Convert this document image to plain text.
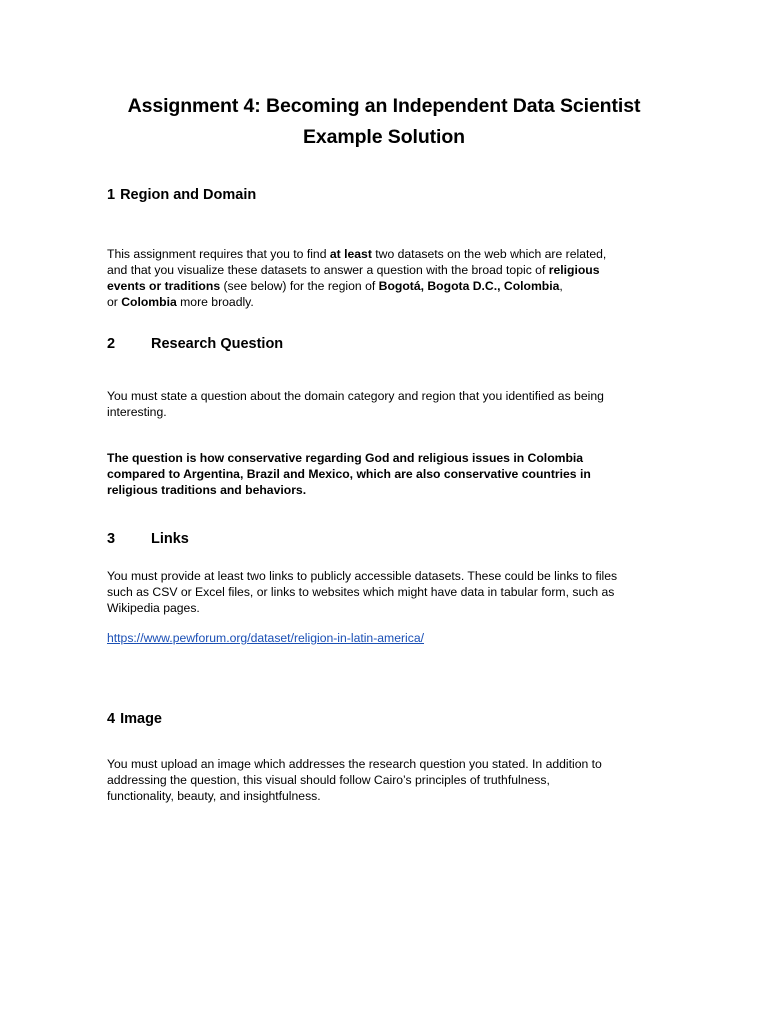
Assignment 4: Becoming an Independent Data Scientist
Example Solution
1 Region and Domain
This assignment requires that you to find at least two datasets on the web which are related,
and that you visualize these datasets to answer a question with the broad topic of religious
events or traditions (see below) for the region of Bogotá, Bogota D.C., Colombia,
or Colombia more broadly.
2 Research Question
You must state a question about the domain category and region that you identified as being
interesting.
The question is how conservative regarding God and religious issues in Colombia
compared to Argentina, Brazil and Mexico, which are also conservative countries in
religious traditions and behaviors.
3 Links
You must provide at least two links to publicly accessible datasets. These could be links to files
such as CSV or Excel files, or links to websites which might have data in tabular form, such as
Wikipedia pages.
https://www.pewforum.org/dataset/religion-in-latin-america/
4 Image
You must upload an image which addresses the research question you stated. In addition to
addressing the question, this visual should follow Cairo’s principles of truthfulness,
functionality, beauty, and insightfulness.
